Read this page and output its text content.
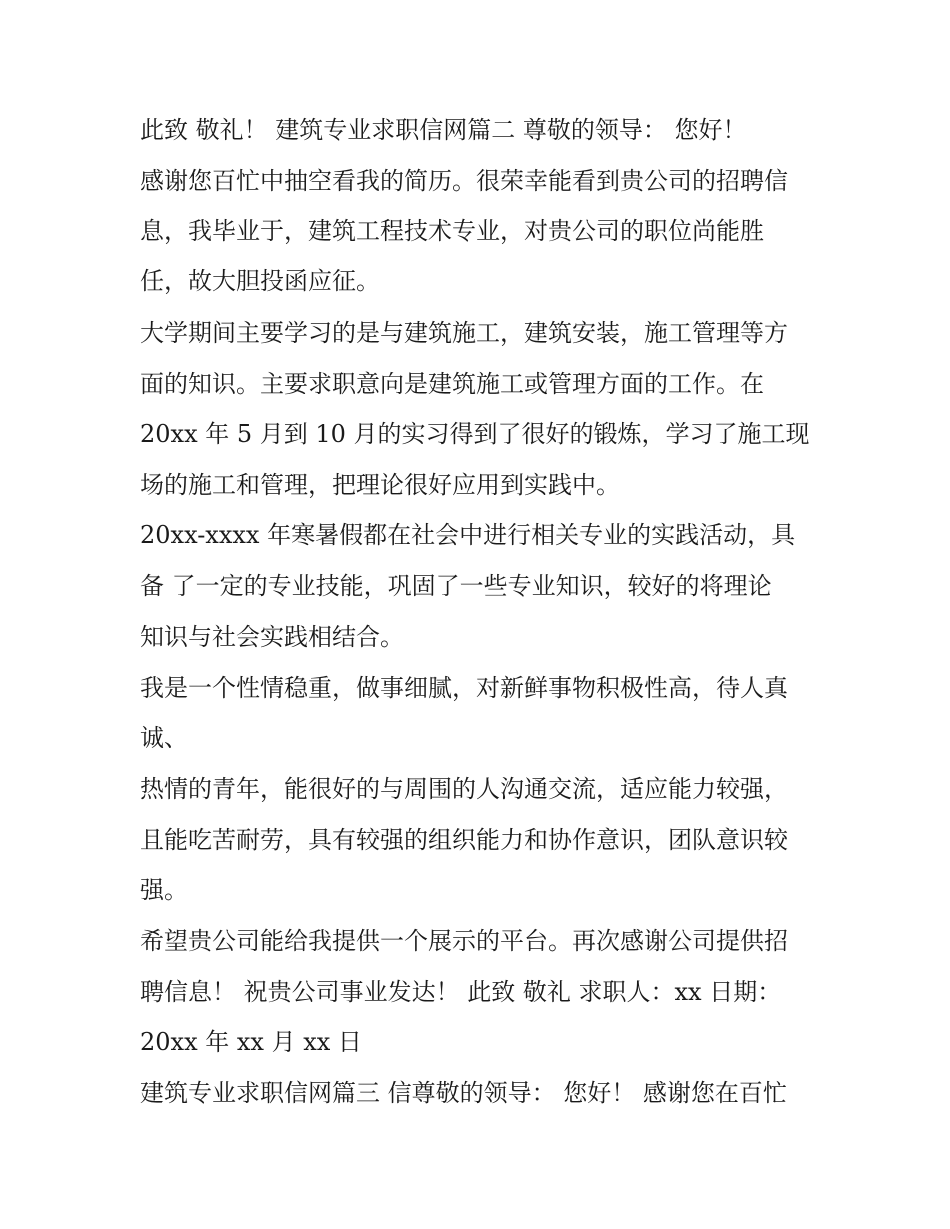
此致 敬礼！ 建筑专业求职信网篇二 尊敬的领导： 您好！
感谢您百忙中抽空看我的简历。很荣幸能看到贵公司的招聘信
息，我毕业于，建筑工程技术专业，对贵公司的职位尚能胜
任，故大胆投函应征。
大学期间主要学习的是与建筑施工，建筑安装，施工管理等方
面的知识。主要求职意向是建筑施工或管理方面的工作。在
20xx 年 5 月到 10 月的实习得到了很好的锻炼，学习了施工现
场的施工和管理，把理论很好应用到实践中。
20xx-xxxx 年寒暑假都在社会中进行相关专业的实践活动，具
备 了一定的专业技能，巩固了一些专业知识，较好的将理论
知识与社会实践相结合。
我是一个性情稳重，做事细腻，对新鲜事物积极性高，待人真
诚、
热情的青年，能很好的与周围的人沟通交流，适应能力较强，
且能吃苦耐劳，具有较强的组织能力和协作意识，团队意识较
强。
希望贵公司能给我提供一个展示的平台。再次感谢公司提供招
聘信息！ 祝贵公司事业发达！ 此致 敬礼 求职人：xx 日期：
20xx 年 xx 月 xx 日
建筑专业求职信网篇三 信尊敬的领导： 您好！ 感谢您在百忙
